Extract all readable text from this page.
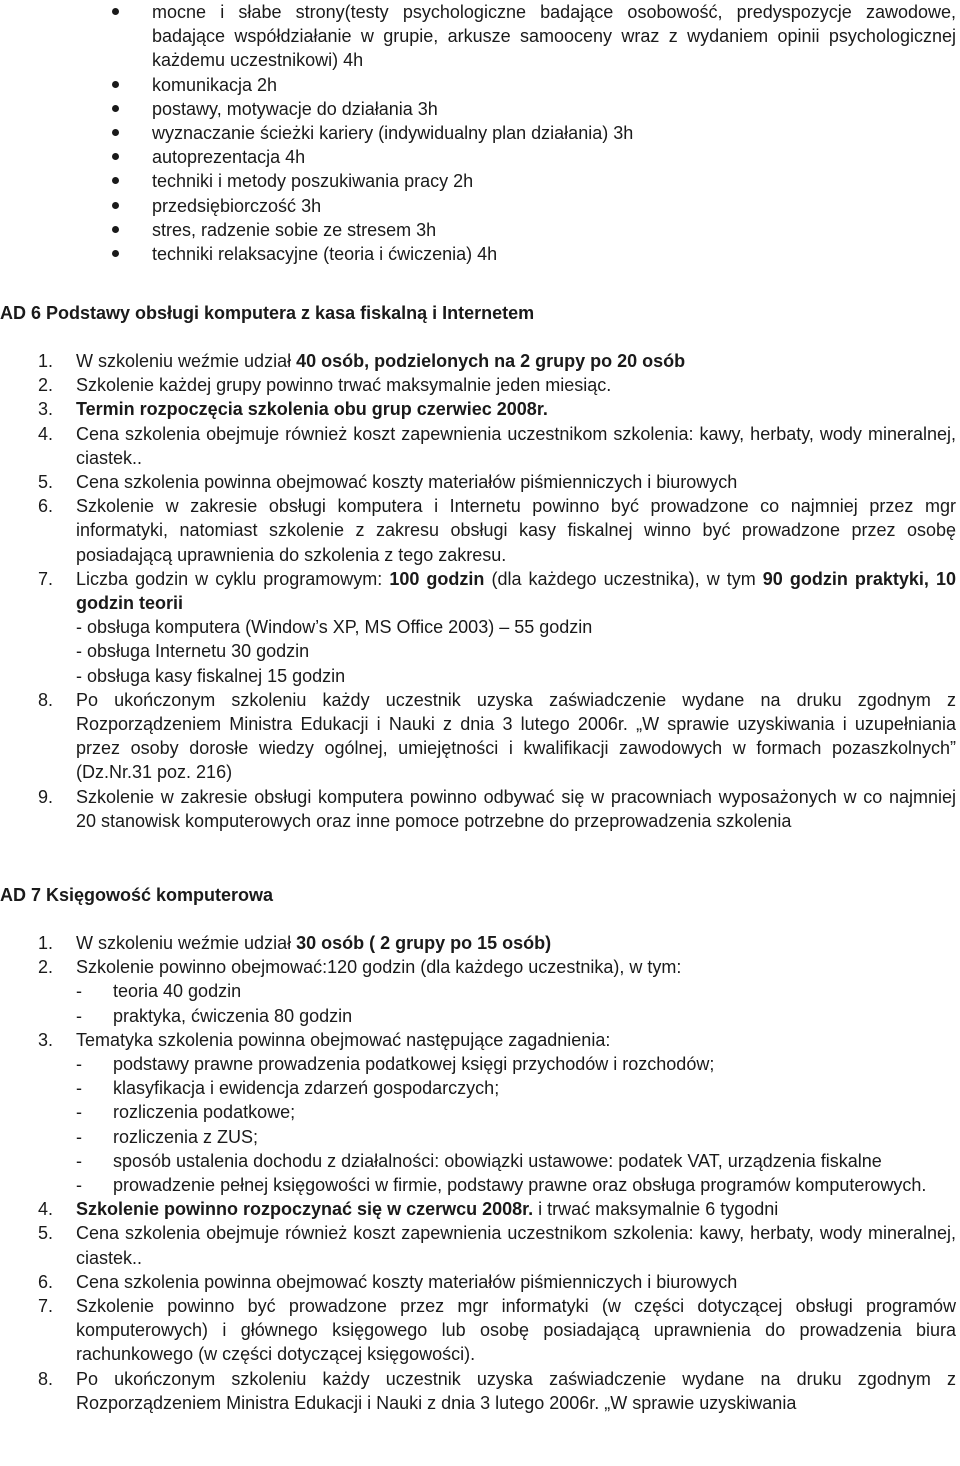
mocne i słabe strony(testy psychologiczne badające osobowość, predyspozycje zawodowe, badające współdziałanie w grupie, arkusze samooceny wraz z wydaniem opinii psychologicznej każdemu uczestnikowi) 4h
komunikacja 2h
postawy, motywacje do działania 3h
wyznaczanie ścieżki kariery (indywidualny plan działania) 3h
autoprezentacja 4h
techniki i metody poszukiwania pracy 2h
przedsiębiorczość 3h
stres, radzenie sobie ze stresem 3h
techniki relaksacyjne (teoria i ćwiczenia) 4h

AD 6 Podstawy obsługi komputera z kasa fiskalną i Internetem

1. W szkoleniu weźmie udział 40 osób, podzielonych na 2 grupy po 20 osób
2. Szkolenie każdej grupy powinno trwać maksymalnie jeden miesiąc.
3. Termin rozpoczęcia szkolenia obu grup czerwiec 2008r.
4. Cena szkolenia obejmuje również koszt zapewnienia uczestnikom szkolenia: kawy, herbaty, wody mineralnej, ciastek..
5. Cena szkolenia powinna obejmować koszty materiałów piśmienniczych i biurowych
6. Szkolenie w zakresie obsługi komputera i Internetu powinno być prowadzone co najmniej przez mgr informatyki, natomiast szkolenie z zakresu obsługi kasy fiskalnej winno być prowadzone przez osobę posiadającą uprawnienia do szkolenia z tego zakresu.
7. Liczba godzin w cyklu programowym: 100 godzin (dla każdego uczestnika), w tym 90 godzin praktyki, 10 godzin teorii
- obsługa komputera (Window’s XP, MS Office 2003) – 55 godzin
- obsługa Internetu 30 godzin
- obsługa kasy fiskalnej 15 godzin
8. Po ukończonym szkoleniu każdy uczestnik uzyska zaświadczenie wydane na druku zgodnym z Rozporządzeniem Ministra Edukacji i Nauki z dnia 3 lutego 2006r. „W sprawie uzyskiwania i uzupełniania przez osoby dorosłe wiedzy ogólnej, umiejętności i kwalifikacji zawodowych w formach pozaszkolnych” (Dz.Nr.31 poz. 216)
9. Szkolenie w zakresie obsługi komputera powinno odbywać się w pracowniach wyposażonych w co najmniej 20 stanowisk komputerowych oraz inne pomoce potrzebne do przeprowadzenia szkolenia

AD 7 Księgowość komputerowa

1. W szkoleniu weźmie udział 30 osób ( 2 grupy po 15 osób)
2. Szkolenie powinno obejmować:120 godzin (dla każdego uczestnika), w tym:
- teoria 40 godzin
- praktyka, ćwiczenia 80 godzin
3. Tematyka szkolenia powinna obejmować następujące zagadnienia:
- podstawy prawne prowadzenia podatkowej księgi przychodów i rozchodów;
- klasyfikacja i ewidencja zdarzeń gospodarczych;
- rozliczenia podatkowe;
- rozliczenia z ZUS;
- sposób ustalenia dochodu z działalności: obowiązki ustawowe: podatek VAT, urządzenia fiskalne
- prowadzenie pełnej księgowości w firmie, podstawy prawne oraz obsługa programów komputerowych.
4. Szkolenie powinno rozpoczynać się w czerwcu 2008r. i trwać maksymalnie 6 tygodni
5. Cena szkolenia obejmuje również koszt zapewnienia uczestnikom szkolenia: kawy, herbaty, wody mineralnej, ciastek..
6. Cena szkolenia powinna obejmować koszty materiałów piśmienniczych i biurowych
7. Szkolenie powinno być prowadzone przez mgr informatyki (w części dotyczącej obsługi programów komputerowych) i głównego księgowego lub osobę posiadającą uprawnienia do prowadzenia biura rachunkowego (w części dotyczącej księgowości).
8. Po ukończonym szkoleniu każdy uczestnik uzyska zaświadczenie wydane na druku zgodnym z Rozporządzeniem Ministra Edukacji i Nauki z dnia 3 lutego 2006r. „W sprawie uzyskiwania
